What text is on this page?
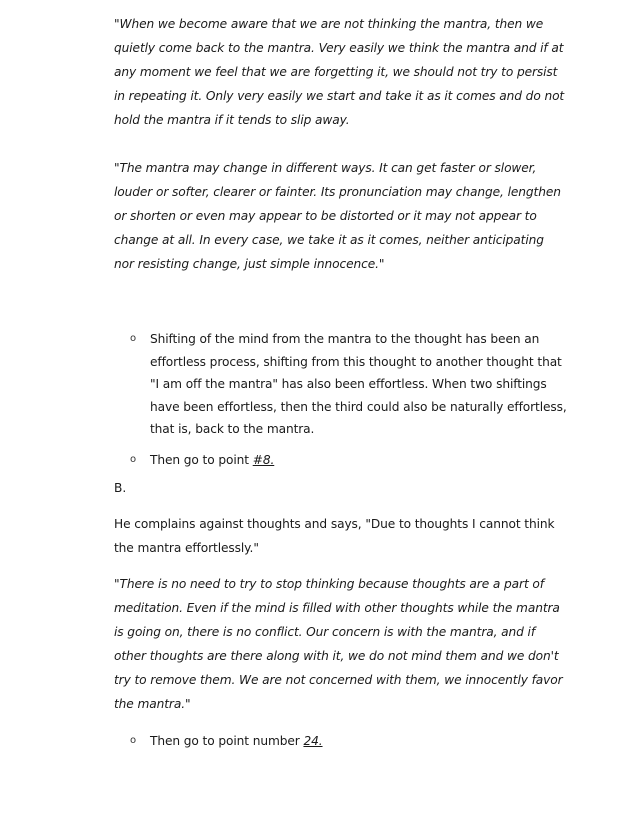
"When we become aware that we are not thinking the mantra, then we quietly come back to the mantra. Very easily we think the mantra and if at any moment we feel that we are forgetting it, we should not try to persist in repeating it. Only very easily we start and take it as it comes and do not hold the mantra if it tends to slip away.

"The mantra may change in different ways. It can get faster or slower, louder or softer, clearer or fainter. Its pronunciation may change, lengthen or shorten or even may appear to be distorted or it may not appear to change at all. In every case, we take it as it comes, neither anticipating nor resisting change, just simple innocence."

o Shifting of the mind from the mantra to the thought has been an effortless process, shifting from this thought to another thought that "I am off the mantra" has also been effortless. When two shiftings have been effortless, then the third could also be naturally effortless, that is, back to the mantra.
o Then go to point #8.

B.

He complains against thoughts and says, "Due to thoughts I cannot think the mantra effortlessly."

"There is no need to try to stop thinking because thoughts are a part of meditation. Even if the mind is filled with other thoughts while the mantra is going on, there is no conflict. Our concern is with the mantra, and if other thoughts are there along with it, we do not mind them and we don't try to remove them. We are not concerned with them, we innocently favor the mantra."

o Then go to point number 24.
